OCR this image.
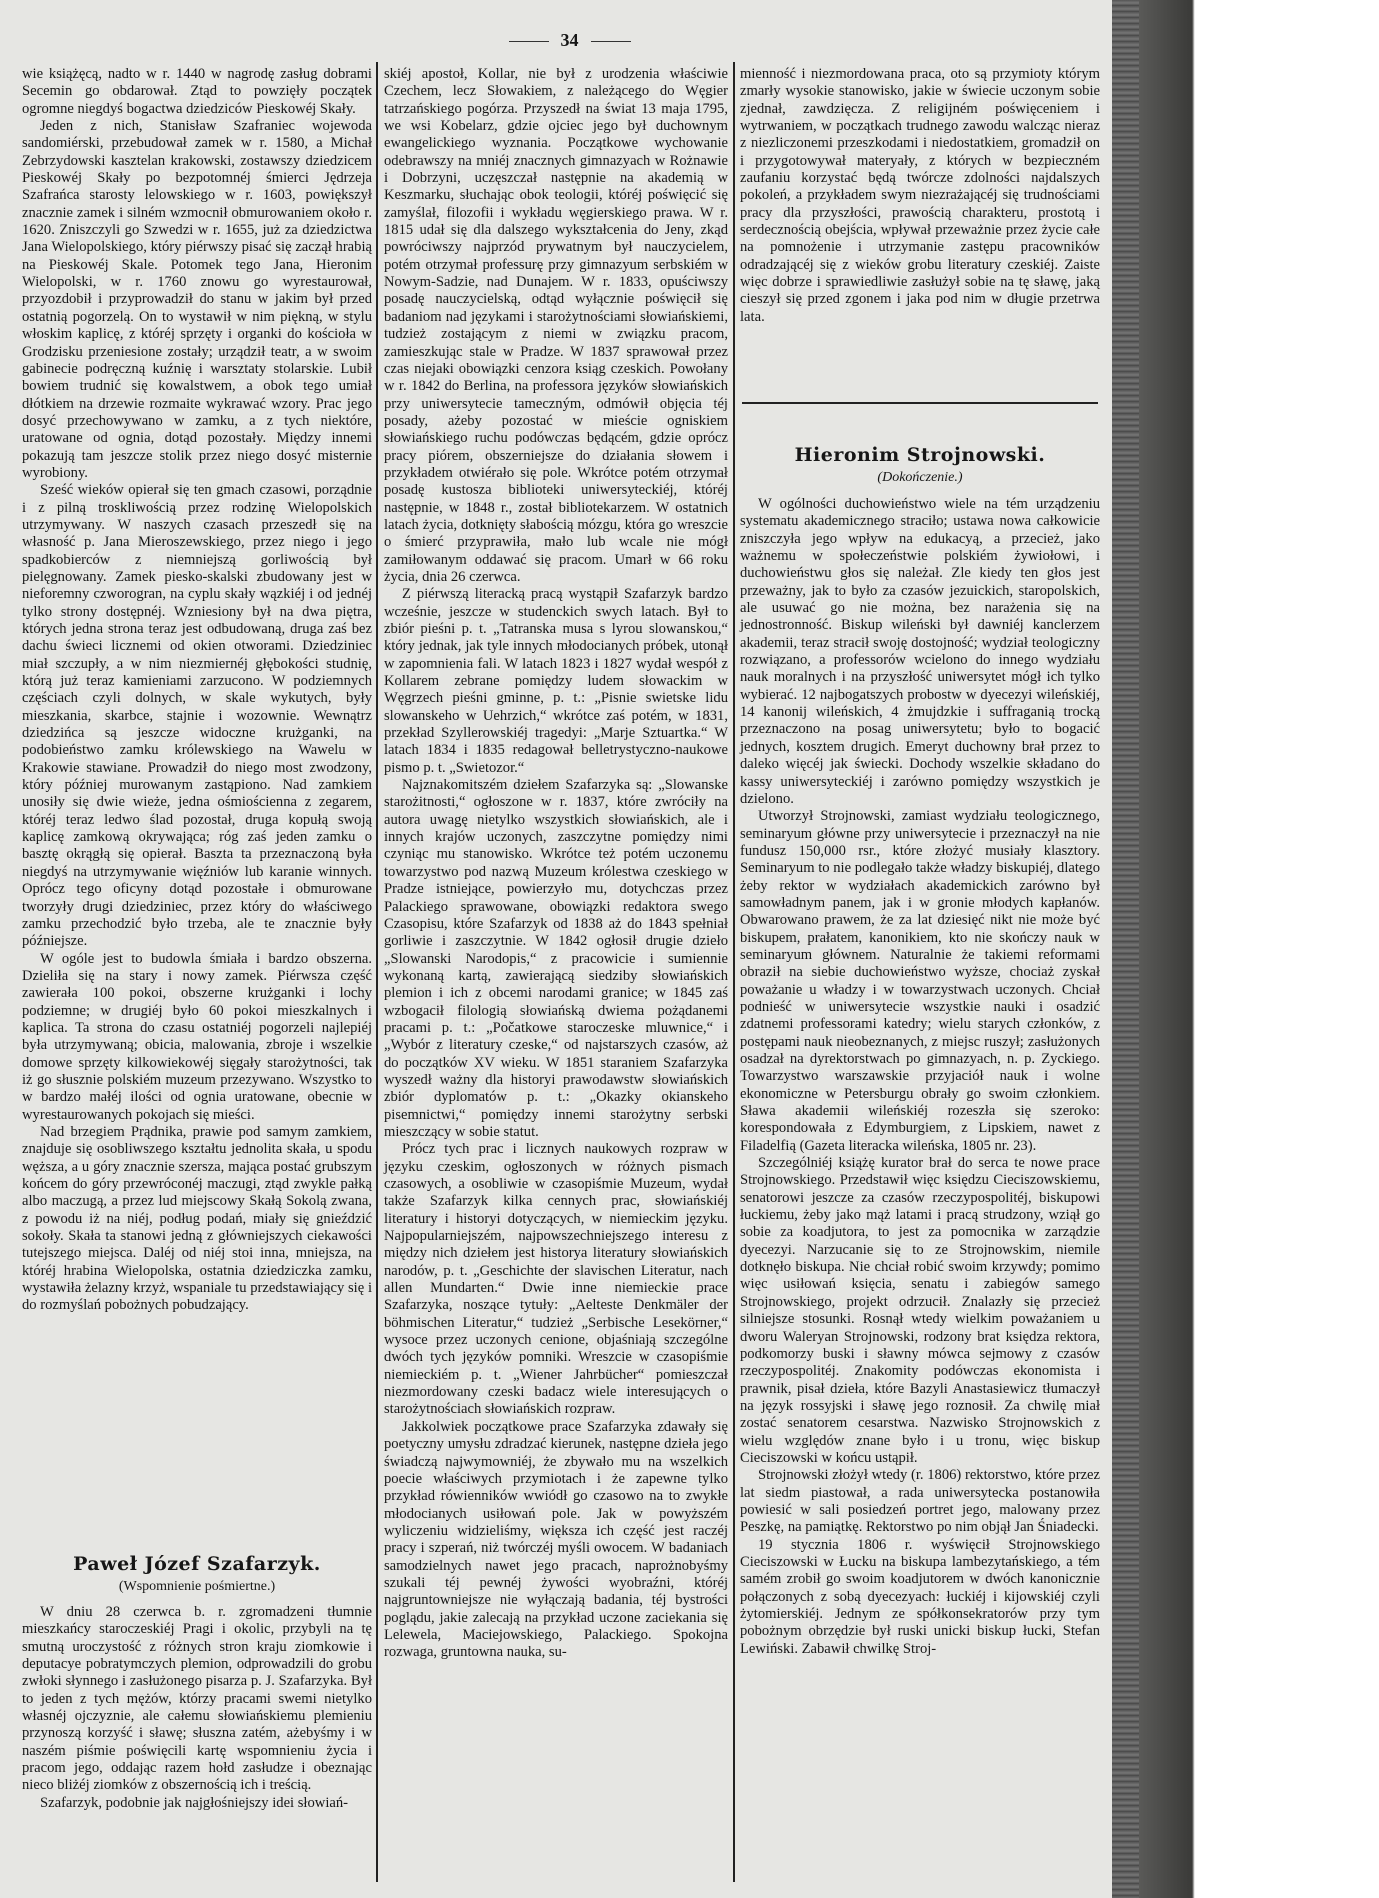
34

wie książęcą, nadto w r. 1440 w nagrodę zasług dobrami Secemin go obdarował. Ztąd to powzięły początek ogromne niegdyś bogactwa dziedziców Pieskowéj Skały.

Jeden z nich, Stanisław Szafraniec wojewoda sandomiérski, przebudował zamek w r. 1580, a Michał Zebrzydowski kasztelan krakowski, zostawszy dziedzicem Pieskowéj Skały po bezpotomnéj śmierci Jędrzeja Szafrańca starosty lelowskiego w r. 1603, powiększył znacznie zamek i silném wzmocnił obmurowaniem około r. 1620. Zniszczyli go Szwedzi w r. 1655, już za dziedzictwa Jana Wielopolskiego, który piérwszy pisać się zaczął hrabią na Pieskowéj Skale. Potomek tego Jana, Hieronim Wielopolski, w r. 1760 znowu go wyrestaurował, przyozdobił i przyprowadził do stanu w jakim był przed ostatnią pogorzelą. On to wystawił w nim piękną, w stylu włoskim kaplicę, z któréj sprzęty i organki do kościoła w Grodzisku przeniesione zostały; urządził teatr, a w swoim gabinecie podręczną kuźnię i warsztaty stolarskie. Lubił bowiem trudnić się kowalstwem, a obok tego umiał dłótkiem na drzewie rozmaite wykrawać wzory. Prac jego dosyć przechowywano w zamku, a z tych niektóre, uratowane od ognia, dotąd pozostały. Między innemi pokazują tam jeszcze stolik przez niego dosyć misternie wyrobiony.

Sześć wieków opierał się ten gmach czasowi, porządnie i z pilną troskliwością przez rodzinę Wielopolskich utrzymywany. W naszych czasach przeszedł się na własność p. Jana Mieroszewskiego, przez niego i jego spadkobierców z niemniejszą gorliwością był pielęgnowany. Zamek piesko-skalski zbudowany jest w nieforemny czworogran, na cyplu skały wązkiéj i od jednéj tylko strony dostępnéj. Wzniesiony był na dwa piętra, których jedna strona teraz jest odbudowaną, druga zaś bez dachu świeci licznemi od okien otworami. Dziedziniec miał szczupły, a w nim niezmiernéj głębokości studnię, którą już teraz kamieniami zarzucono. W podziemnych częściach czyli dolnych, w skale wykutych, były mieszkania, skarbce, stajnie i wozownie. Wewnątrz dziedzińca są jeszcze widoczne krużganki, na podobieństwo zamku królewskiego na Wawelu w Krakowie stawiane. Prowadził do niego most zwodzony, który później murowanym zastąpiono. Nad zamkiem unosiły się dwie wieże, jedna ośmiościenna z zegarem, któréj teraz ledwo ślad pozostał, druga kopułą swoją kaplicę zamkową okrywająca; róg zaś jeden zamku o basztę okrągłą się opierał. Baszta ta przeznaczoną była niegdyś na utrzymywanie więźniów lub karanie winnych. Oprócz tego oficyny dotąd pozostałe i obmurowane tworzyły drugi dziedziniec, przez który do właściwego zamku przechodzić było trzeba, ale te znacznie były późniejsze.

W ogóle jest to budowla śmiała i bardzo obszerna. Dzieliła się na stary i nowy zamek. Piérwsza część zawierała 100 pokoi, obszerne krużganki i lochy podziemne; w drugiéj było 60 pokoi mieszkalnych i kaplica. Ta strona do czasu ostatniéj pogorzeli najlepiéj była utrzymywaną; obicia, malowania, zbroje i wszelkie domowe sprzęty kilkowiekowéj sięgały starożytności, tak iż go słusznie polskiém muzeum przezywano. Wszystko to w bardzo małéj ilości od ognia uratowane, obecnie w wyrestaurowanych pokojach się mieści.

Nad brzegiem Prądnika, prawie pod samym zamkiem, znajduje się osobliwszego kształtu jednolita skała, u spodu węższa, a u góry znacznie szersza, mająca postać grubszym końcem do góry przewróconéj maczugi, ztąd zwykle pałką albo maczugą, a przez lud miejscowy Skałą Sokolą zwana, z powodu iż na niéj, podług podań, miały się gnieździć sokoły. Skała ta stanowi jedną z główniejszych ciekawości tutejszego miejsca. Daléj od niéj stoi inna, mniejsza, na któréj hrabina Wielopolska, ostatnia dziedziczka zamku, wystawiła żelazny krzyż, wspaniale tu przedstawiający się i do rozmyślań pobożnych pobudzający.

Paweł Józef Szafarzyk.
(Wspomnienie pośmiertne.)

W dniu 28 czerwca b. r. zgromadzeni tłumnie mieszkańcy staroczeskiéj Pragi i okolic, przybyli na tę smutną uroczystość z różnych stron kraju ziomkowie i deputacye pobratymczych plemion, odprowadzili do grobu zwłoki słynnego i zasłużonego pisarza p. J. Szafarzyka. Był to jeden z tych mężów, którzy pracami swemi nietylko własnéj ojczyznie, ale całemu słowiańskiemu plemieniu przynoszą korzyść i sławę; słuszna zatém, ażebyśmy i w naszém piśmie poświęcili kartę wspomnieniu życia i pracom jego, oddając razem hołd zasłudze i obeznając nieco bliżéj ziomków z obszernością ich i treścią.

Szafarzyk, podobnie jak najgłośniejszy idei słowiań-

skiéj apostoł, Kollar, nie był z urodzenia właściwie Czechem, lecz Słowakiem, z należącego do Węgier tatrzańskiego pogórza. Przyszedł na świat 13 maja 1795, we wsi Kobelarz, gdzie ojciec jego był duchownym ewangelickiego wyznania. Początkowe wychowanie odebrawszy na mniéj znacznych gimnazyach w Rożnawie i Dobrzyni, uczęszczał następnie na akademią w Keszmarku, słuchając obok teologii, któréj poświęcić się zamyślał, filozofii i wykładu węgierskiego prawa. W r. 1815 udał się dla dalszego wykształcenia do Jeny, zkąd powróciwszy najprzód prywatnym był nauczycielem, potém otrzymał professurę przy gimnazyum serbskiém w Nowym-Sadzie, nad Dunajem. W r. 1833, opuściwszy posadę nauczycielską, odtąd wyłącznie poświęcił się badaniom nad językami i starożytnościami słowiańskiemi, tudzież zostającym z niemi w związku pracom, zamieszkując stale w Pradze. W 1837 sprawował przez czas niejaki obowiązki cenzora ksiąg czeskich. Powołany w r. 1842 do Berlina, na professora języków słowiańskich przy uniwersytecie tameczným, odmówił objęcia téj posady, ażeby pozostać w mieście ogniskiem słowiańskiego ruchu podówczas będącém, gdzie oprócz pracy piórem, obszerniejsze do działania słowem i przykładem otwiérało się pole. Wkrótce potém otrzymał posadę kustosza biblioteki uniwersyteckiéj, któréj następnie, w 1848 r., został bibliotekarzem. W ostatnich latach życia, dotknięty słabością mózgu, która go wreszcie o śmierć przyprawiła, mało lub wcale nie mógł zamiłowanym oddawać się pracom. Umarł w 66 roku życia, dnia 26 czerwca.

Z piérwszą literacką pracą wystąpił Szafarzyk bardzo wcześnie, jeszcze w studenckich swych latach. Był to zbiór pieśni p. t. „Tatranska musa s lyrou slowanskou,“ który jednak, jak tyle innych młodocianych próbek, utonął w zapomnienia fali. W latach 1823 i 1827 wydał wespół z Kollarem zebrane pomiędzy ludem słowackim w Węgrzech pieśni gminne, p. t.: „Pisnie swietske lidu slowanskeho w Uehrzich,“ wkrótce zaś potém, w 1831, przekład Szyllerowskiéj tragedyi: „Marje Sztuartka.“ W latach 1834 i 1835 redagował belletrystyczno-naukowe pismo p. t. „Swietozor.“

Najznakomitszém dziełem Szafarzyka są: „Slowanske starożitnosti,“ ogłoszone w r. 1837, które zwróciły na autora uwagę nietylko wszystkich słowiańskich, ale i innych krajów uczonych, zaszczytne pomiędzy nimi czyniąc mu stanowisko. Wkrótce też potém uczonemu towarzystwo pod nazwą Muzeum królestwa czeskiego w Pradze istniejące, powierzyło mu, dotychczas przez Palackiego sprawowane, obowiązki redaktora swego Czasopisu, które Szafarzyk od 1838 aż do 1843 spełniał gorliwie i zaszczytnie. W 1842 ogłosił drugie dzieło „Slowanski Narodopis,“ z pracowicie i sumiennie wykonaną kartą, zawierającą siedziby słowiańskich plemion i ich z obcemi narodami granice; w 1845 zaś wzbogacił filologią słowiańską dwiema pożądanemi pracami p. t.: „Počatkowe staroczeske mluwnice,“ i „Wybór z literatury czeske,“ od najstarszych czasów, aż do początków XV wieku. W 1851 staraniem Szafarzyka wyszedł ważny dla historyi prawodawstw słowiańskich zbiór dyplomatów p. t.: „Okazky okianskeho pisemnictwi,“ pomiędzy innemi starożytny serbski mieszczący w sobie statut.

Prócz tych prac i licznych naukowych rozpraw w języku czeskim, ogłoszonych w różnych pismach czasowych, a osobliwie w czasopiśmie Muzeum, wydał także Szafarzyk kilka cennych prac, słowiańskiéj literatury i historyi dotyczących, w niemieckim języku. Najpopularniejszém, najpowszechniejszego interesu z między nich dziełem jest historya literatury słowiańskich narodów, p. t. „Geschichte der slavischen Literatur, nach allen Mundarten.“ Dwie inne niemieckie prace Szafarzyka, noszące tytuły: „Aelteste Denkmäler der böhmischen Literatur,“ tudzież „Serbische Lesekörner,“ wysoce przez uczonych cenione, objaśniają szczególne dwóch tych języków pomniki. Wreszcie w czasopiśmie niemieckiém p. t. „Wiener Jahrbücher“ pomieszczał niezmordowany czeski badacz wiele interesujących o starożytnościach słowiańskich rozpraw.

Jakkolwiek początkowe prace Szafarzyka zdawały się poetyczny umysłu zdradzać kierunek, następne dzieła jego świadczą najwymowniéj, że zbywało mu na wszelkich poecie właściwych przymiotach i że zapewne tylko przykład rówienników wwiódł go czasowo na to zwykłe młodocianych usiłowań pole. Jak w powyższém wyliczeniu widzieliśmy, większa ich część jest raczéj pracy i szperań, niż twórczéj myśli owocem. W badaniach samodzielnych nawet jego pracach, naprożnobyśmy szukali téj pewnéj żywości wyobraźni, któréj najgruntowniejsze nie wyłączają badania, téj bystrości poglądu, jakie zalecają na przykład uczone zaciekania się Lelewela, Maciejowskiego, Palackiego. Spokojna rozwaga, gruntowna nauka, su-

mienność i niezmordowana praca, oto są przymioty którym zmarły wysokie stanowisko, jakie w świecie uczonym sobie zjednał, zawdzięcza. Z religijném poświęceniem i wytrwaniem, w początkach trudnego zawodu walcząc nieraz z niezliczonemi przeszkodami i niedostatkiem, gromadził on i przygotowywał materyały, z których w bezpieczném zaufaniu korzystać będą twórcze zdolności najdalszych pokoleń, a przykładem swym niezrażającéj się trudnościami pracy dla przyszłości, prawością charakteru, prostotą i serdecznością obejścia, wpływał przeważnie przez życie całe na pomnożenie i utrzymanie zastępu pracowników odradzającéj się z wieków grobu literatury czeskiéj. Zaiste więc dobrze i sprawiedliwie zasłużył sobie na tę sławę, jaką cieszył się przed zgonem i jaka pod nim w długie przetrwa lata.

Hieronim Strojnowski.
(Dokończenie.)

W ogólności duchowieństwo wiele na tém urządzeniu systematu akademicznego straciło; ustawa nowa całkowicie zniszczyła jego wpływ na edukacyą, a przecież, jako ważnemu w społeczeństwie polskiém żywiołowi, i duchowieństwu głos się należał. Zle kiedy ten głos jest przeważny, jak to było za czasów jezuickich, staropolskich, ale usuwać go nie można, bez narażenia się na jednostronność. Biskup wileński był dawniéj kanclerzem akademii, teraz stracił swoję dostojność; wydział teologiczny rozwiązano, a professorów wcielono do innego wydziału nauk moralnych i na przyszłość uniwersytet mógł ich tylko wybierać. 12 najbogatszych probostw w dyecezyi wileńskiéj, 14 kanonij wileńskich, 4 żmujdzkie i suffraganią trocką przeznaczono na posag uniwersytetu; było to bogacić jednych, kosztem drugich. Emeryt duchowny brał przez to daleko więcéj jak świecki. Dochody wszelkie składano do kassy uniwersyteckiéj i zarówno pomiędzy wszystkich je dzielono.

Utworzył Strojnowski, zamiast wydziału teologicznego, seminaryum główne przy uniwersytecie i przeznaczył na nie fundusz 150,000 rsr., które złożyć musiały klasztory. Seminaryum to nie podlegało także władzy biskupiéj, dlatego żeby rektor w wydziałach akademickich zarówno był samowładnym panem, jak i w gronie młodych kapłanów. Obwarowano prawem, że za lat dziesięć nikt nie może być biskupem, prałatem, kanonikiem, kto nie skończy nauk w seminaryum głównem. Naturalnie że takiemi reformami obraził na siebie duchowieństwo wyższe, chociaż zyskał poważanie u władzy i w towarzystwach uczonych. Chciał podnieść w uniwersytecie wszystkie nauki i osadzić zdatnemi professorami katedry; wielu starych członków, z postępami nauk nieobeznanych, z miejsc ruszył; zasłużonych osadzał na dyrektorstwach po gimnazyach, n. p. Zyckiego. Towarzystwo warszawskie przyjaciół nauk i wolne ekonomiczne w Petersburgu obrały go swoim członkiem. Sława akademii wileńskiéj rozeszła się szeroko: korespondowała z Edymburgiem, z Lipskiem, nawet z Filadelfią (Gazeta literacka wileńska, 1805 nr. 23).

Szczególniéj książę kurator brał do serca te nowe prace Strojnowskiego. Przedstawił więc księdzu Cieciszowskiemu, senatorowi jeszcze za czasów rzeczypospolitéj, biskupowi łuckiemu, żeby jako mąż latami i pracą strudzony, wziął go sobie za koadjutora, to jest za pomocnika w zarządzie dyecezyi. Narzucanie się to ze Strojnowskim, niemile dotknęło biskupa. Nie chciał robić swoim krzywdy; pomimo więc usiłowań księcia, senatu i zabiegów samego Strojnowskiego, projekt odrzucił. Znalazły się przecież silniejsze stosunki. Rosnął wtedy wielkim poważaniem u dworu Waleryan Strojnowski, rodzony brat księdza rektora, podkomorzy buski i sławny mówca sejmowy z czasów rzeczypospolitéj. Znakomity podówczas ekonomista i prawnik, pisał dzieła, które Bazyli Anastasiewicz tłumaczył na język rossyjski i sławę jego roznosił. Za chwilę miał zostać senatorem cesarstwa. Nazwisko Strojnowskich z wielu względów znane było i u tronu, więc biskup Cieciszowski w końcu ustąpił.

Strojnowski złożył wtedy (r. 1806) rektorstwo, które przez lat siedm piastował, a rada uniwersytecka postanowiła powiesić w sali posiedzeń portret jego, malowany przez Peszkę, na pamiątkę. Rektorstwo po nim objął Jan Śniadecki.

19 stycznia 1806 r. wyświęcił Strojnowskiego Cieciszowski w Łucku na biskupa lambezytańskiego, a tém samém zrobił go swoim koadjutorem w dwóch kanonicznie połączonych z sobą dyecezyach: łuckiéj i kijowskiéj czyli żytomierskiéj. Jednym ze spółkonsekratorów przy tym pobożnym obrzędzie był ruski unicki biskup łucki, Stefan Lewiński. Zabawił chwilkę Stroj-
